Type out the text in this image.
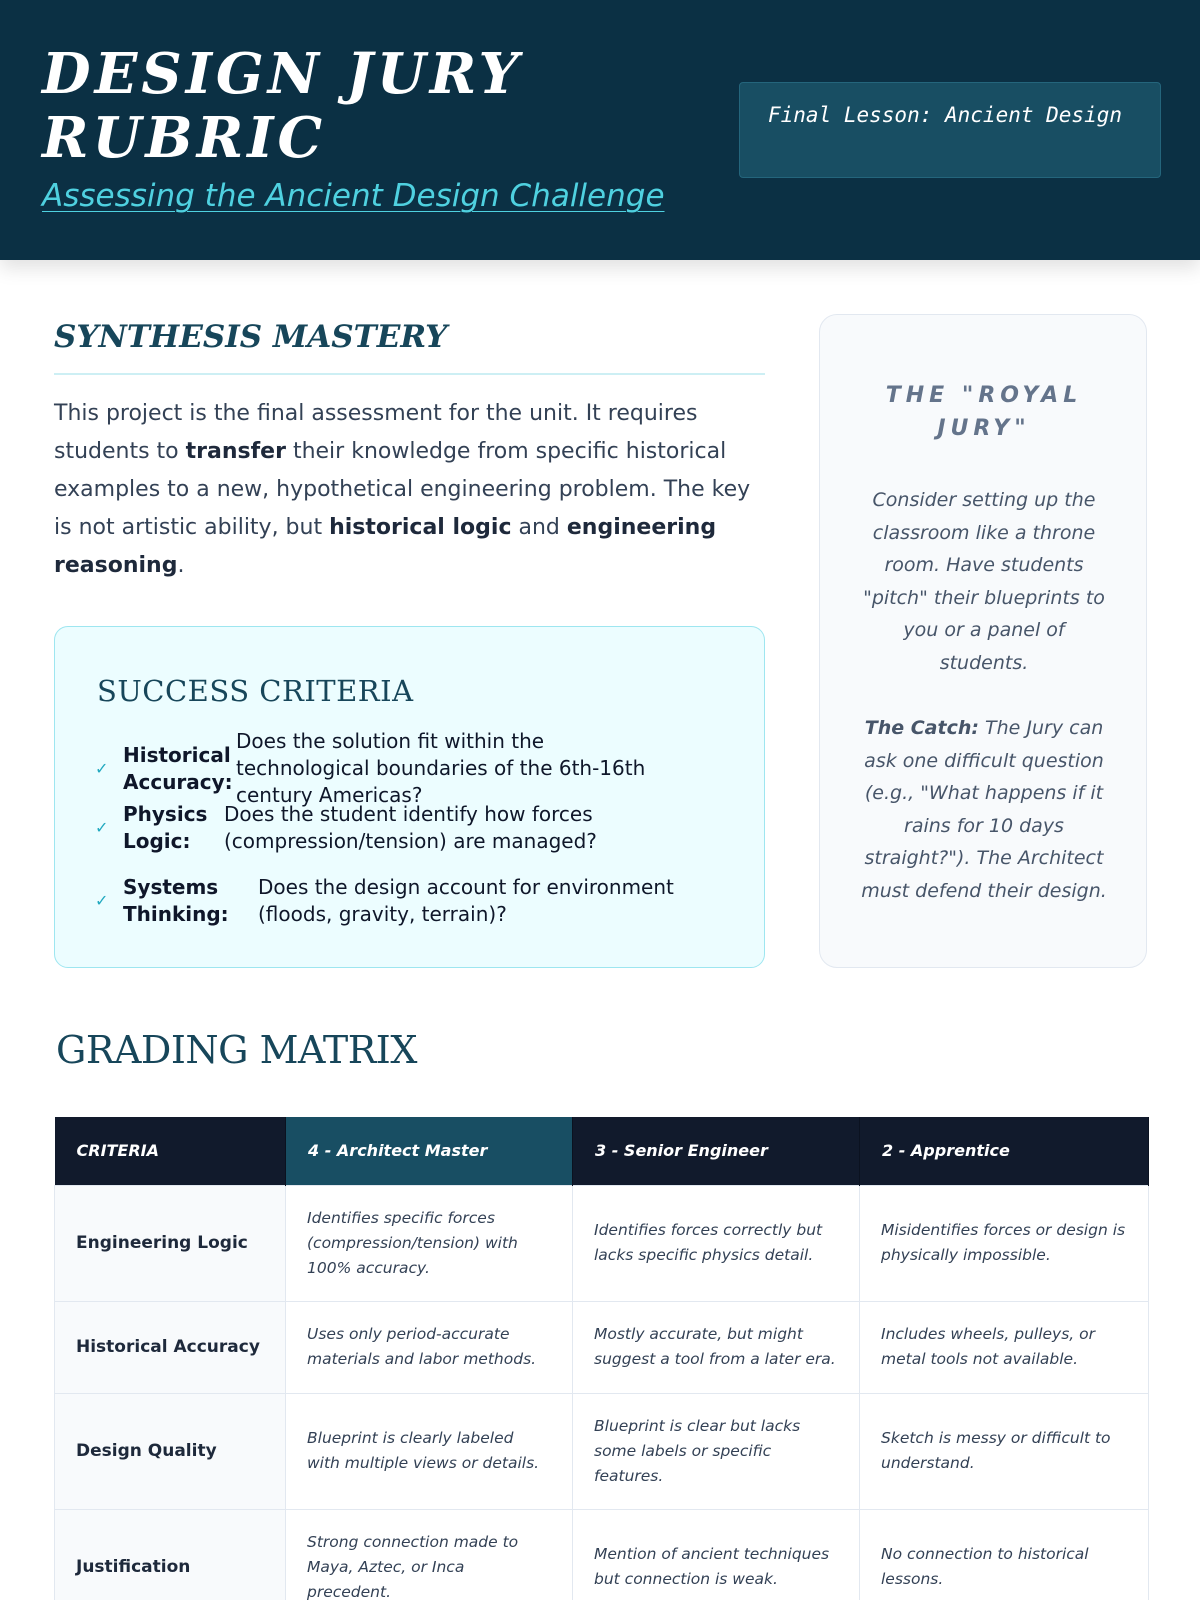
DESIGN JURY RUBRIC
Assessing the Ancient Design Challenge
Final Lesson: Ancient Design
SYNTHESIS MASTERY

This project is the final assessment for the unit. It requires students to transfer their knowledge from specific historical examples to a new, hypothetical engineering problem. The key is not artistic ability, but historical logic and engineering reasoning.

SUCCESS CRITERIA
✓
Historical Accuracy:
Does the solution fit within the technological boundaries of the 6th-16th century Americas?
✓
Physics Logic:
Does the student identify how forces (compression/tension) are managed?
✓
Systems Thinking:
Does the design account for environment (floods, gravity, terrain)?
THE "ROYAL JURY"
Consider setting up the classroom like a throne room. Have students "pitch" their blueprints to you or a panel of students.
The Catch: The Jury can ask one difficult question (e.g., "What happens if it rains for 10 days straight?"). The Architect must defend their design.
GRADING MATRIX
CRITERIA	4 - Architect Master	3 - Senior Engineer	2 - Apprentice
Engineering Logic	Identifies specific forces (compression/tension) with 100% accuracy.	Identifies forces correctly but lacks specific physics detail.	Misidentifies forces or design is physically impossible.
Historical Accuracy	Uses only period-accurate materials and labor methods.	Mostly accurate, but might suggest a tool from a later era.	Includes wheels, pulleys, or metal tools not available.
Design Quality	Blueprint is clearly labeled with multiple views or details.	Blueprint is clear but lacks some labels or specific features.	Sketch is messy or difficult to understand.
Justification	Strong connection made to Maya, Aztec, or Inca precedent.	Mention of ancient techniques but connection is weak.	No connection to historical lessons.
